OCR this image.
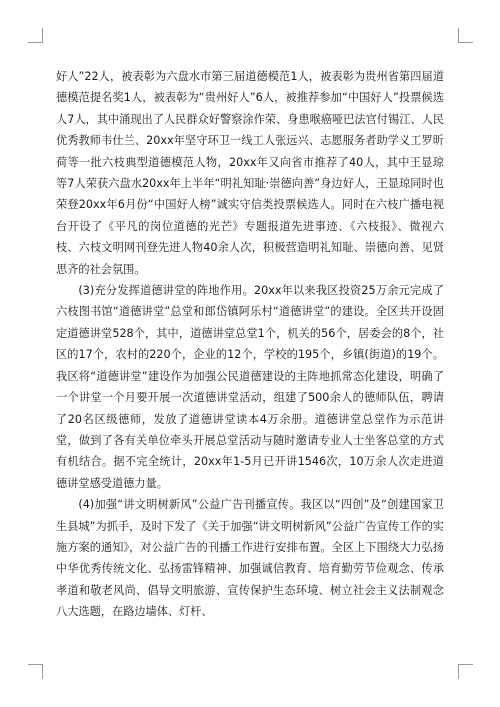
好人”22人，被表彰为六盘水市第三届道德模范1人，被表彰为贵州省第四届道德模范提名奖1人，被表彰为“贵州好人”6人，被推荐参加“中国好人”投票候选人7人，其中涌现出了人民群众好警察涂作荣、身患喉癌哑巴法官付锡江、人民优秀教师韦仕兰、20xx年坚守环卫一线工人张远兴、志愿服务者助学义工罗昕荷等一批六枝典型道德模范人物，20xx年又向省市推荐了40人，其中王显琼等7人荣获六盘水20xx年上半年“明礼知耻·崇德向善”身边好人，王显琼同时也荣登20xx年6月份“中国好人榜”诚实守信类投票候选人。同时在六枝广播电视台开设了《平凡的岗位道德的光芒》专题报道先进事迹、《六枝报》、微视六枝、六枝文明网刊登先进人物40余人次，积极营造明礼知耻、崇德向善、见贤思齐的社会氛围。

(3)充分发挥道德讲堂的阵地作用。20xx年以来我区投资25万余元完成了六枝图书馆“道德讲堂”总堂和郎岱镇阿乐村“道德讲堂”的建设。全区共开设固定道德讲堂528个，其中，道德讲堂总堂1个，机关的56个，居委会的8个，社区的17个，农村的220个，企业的12个，学校的195个，乡镇(街道)的19个。我区将“道德讲堂”建设作为加强公民道德建设的主阵地抓常态化建设，明确了一个讲堂一个月要开展一次道德讲堂活动，组建了500余人的德师队伍，聘请了20名区级德师，发放了道德讲堂读本4万余册。道德讲堂总堂作为示范讲堂，做到了各有关单位牵头开展总堂活动与随时邀请专业人士坐客总堂的方式有机结合。据不完全统计，20xx年1-5月已开讲1546次，10万余人次走进道德讲堂感受道德力量。

(4)加强“讲文明树新风”公益广告刊播宣传。我区以“四创”及“创建国家卫生县城”为抓手，及时下发了《关于加强“讲文明树新风”公益广告宣传工作的实施方案的通知》，对公益广告的刊播工作进行安排布置。全区上下围绕大力弘扬中华优秀传统文化、弘扬雷锋精神、加强诚信教育、培育勤劳节俭观念、传承孝道和敬老风尚、倡导文明旅游、宣传保护生态环境、树立社会主义法制观念八大选题，在路边墙体、灯杆、
